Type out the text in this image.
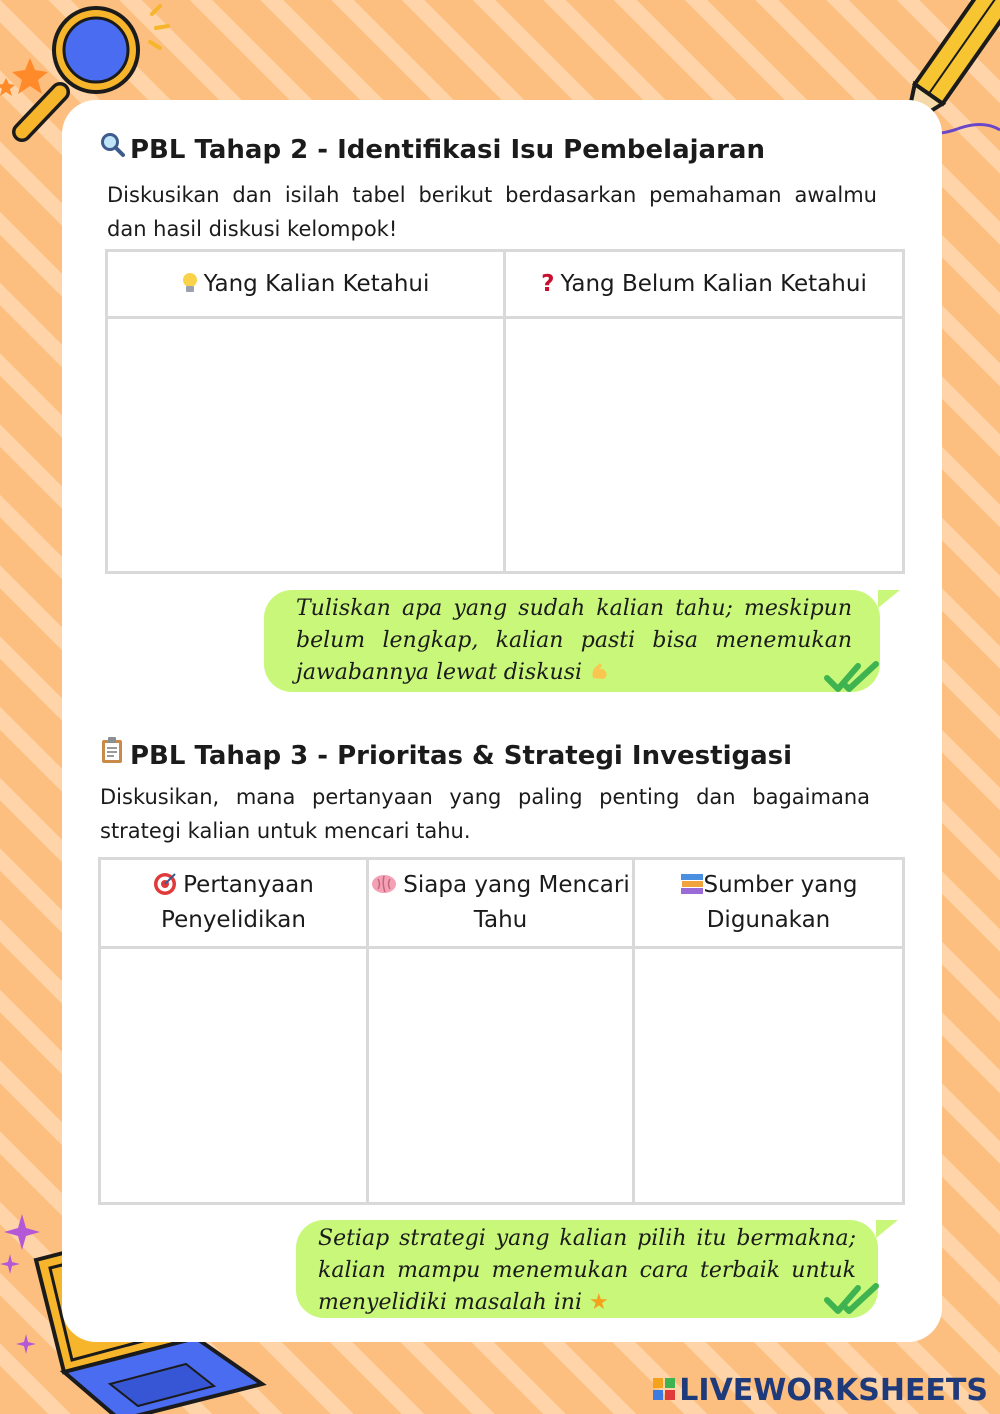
PBL Tahap 2 - Identifikasi Isu Pembelajaran
Diskusikan dan isilah tabel berikut berdasarkan pemahaman awalmu dan hasil diskusi kelompok!
Yang Kalian Ketahui	? Yang Belum Kalian Ketahui

Tuliskan apa yang sudah kalian tahu; meskipun belum lengkap, kalian pasti bisa menemukan jawabannya lewat diskusi
PBL Tahap 3 - Prioritas & Strategi Investigasi
Diskusikan, mana pertanyaan yang paling penting dan bagaimana strategi kalian untuk mencari tahu.
Pertanyaan Penyelidikan	Siapa yang Mencari Tahu	Sumber yang Digunakan

Setiap strategi yang kalian pilih itu bermakna; kalian mampu menemukan cara terbaik untuk menyelidiki masalah ini ★
LIVEWORKSHEETS
